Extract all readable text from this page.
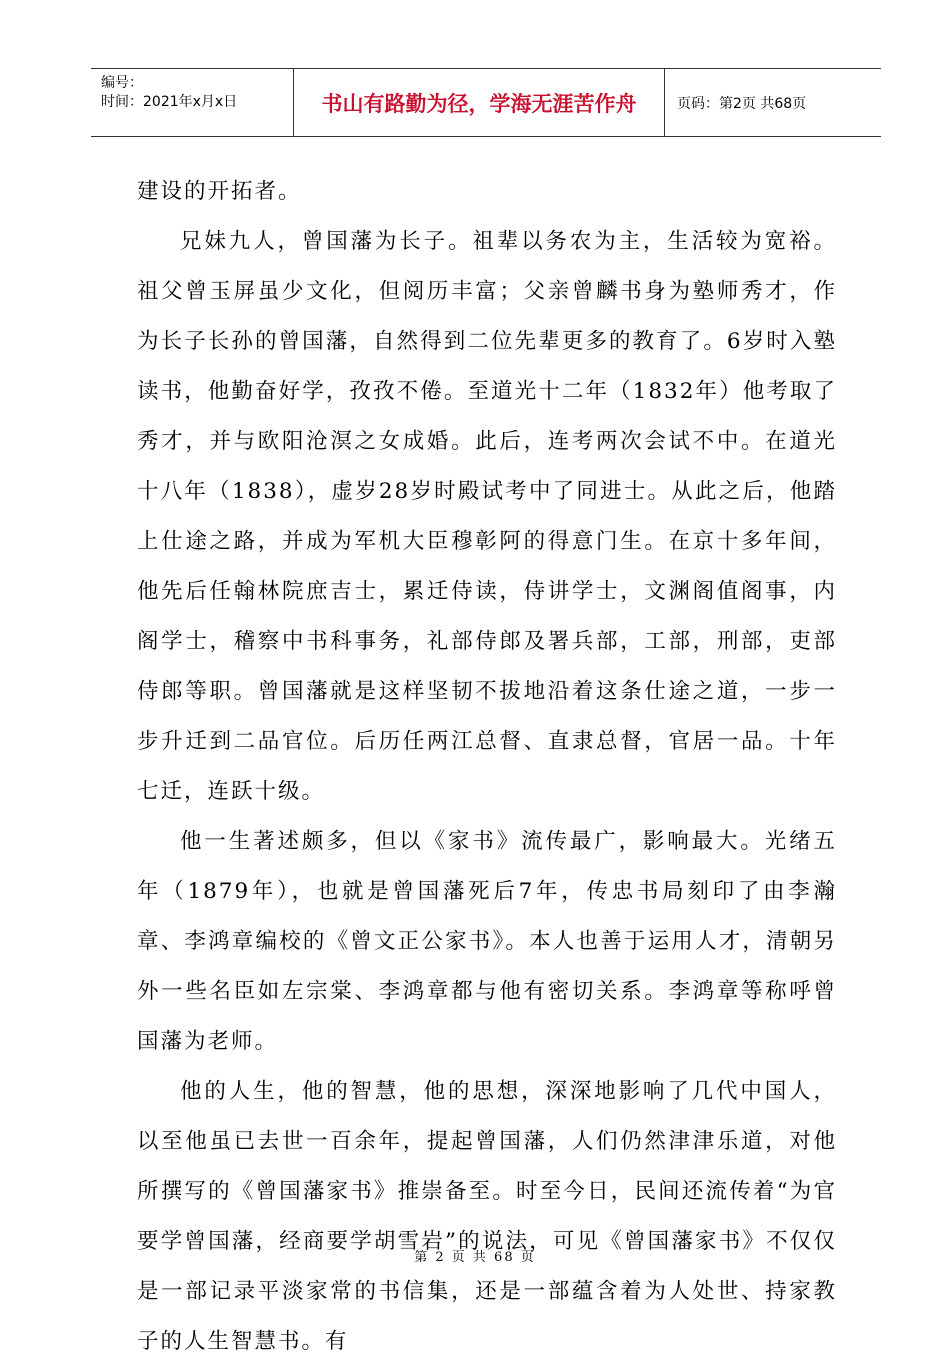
编号：
时间：2021年x月x日	书山有路勤为径，学海无涯苦作舟	页码：第2页 共68页

建设的开拓者。

兄妹九人，曾国藩为长子。祖辈以务农为主，生活较为宽裕。祖父曾玉屏虽少文化，但阅历丰富；父亲曾麟书身为塾师秀才，作为长子长孙的曾国藩，自然得到二位先辈更多的教育了。6岁时入塾读书，他勤奋好学，孜孜不倦。至道光十二年（1832年）他考取了秀才，并与欧阳沧溟之女成婚。此后，连考两次会试不中。在道光十八年（1838），虚岁28岁时殿试考中了同进士。从此之后，他踏上仕途之路，并成为军机大臣穆彰阿的得意门生。在京十多年间，他先后任翰林院庶吉士，累迁侍读，侍讲学士，文渊阁值阁事，内阁学士，稽察中书科事务，礼部侍郎及署兵部，工部，刑部，吏部侍郎等职。曾国藩就是这样坚韧不拔地沿着这条仕途之道，一步一步升迁到二品官位。后历任两江总督、直隶总督，官居一品。十年七迁，连跃十级。

他一生著述颇多，但以《家书》流传最广，影响最大。光绪五年（1879年），也就是曾国藩死后7年，传忠书局刻印了由李瀚章、李鸿章编校的《曾文正公家书》。本人也善于运用人才，清朝另外一些名臣如左宗棠、李鸿章都与他有密切关系。李鸿章等称呼曾国藩为老师。

他的人生，他的智慧，他的思想，深深地影响了几代中国人，以至他虽已去世一百余年，提起曾国藩，人们仍然津津乐道，对他所撰写的《曾国藩家书》推崇备至。时至今日，民间还流传着“为官要学曾国藩，经商要学胡雪岩”的说法，可见《曾国藩家书》不仅仅是一部记录平淡家常的书信集，还是一部蕴含着为人处世、持家教子的人生智慧书。有

第 2 页 共 68 页
